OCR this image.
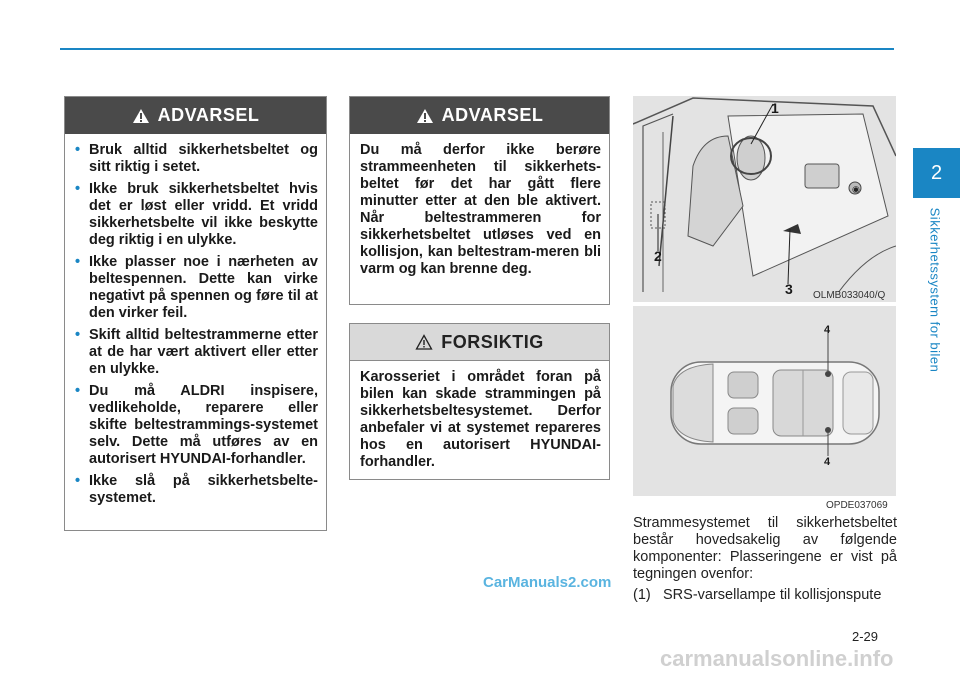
2
Sikkerhetssystem for bilen
ADVARSEL
• Bruk alltid sikkerhetsbeltet og sitt riktig i setet.
• Ikke bruk sikkerhetsbeltet hvis det er løst eller vridd. Et vridd sikkerhetsbelte vil ikke beskytte deg riktig i en ulykke.
• Ikke plasser noe i nærheten av beltespennen. Dette kan virke negativt på spennen og føre til at den virker feil.
• Skift alltid beltestrammerne etter at de har vært aktivert eller etter en ulykke.
• Du må ALDRI inspisere, vedlikeholde, reparere eller skifte beltestrammings-systemet selv. Dette må utføres av en autorisert HYUNDAI-forhandler.
• Ikke slå på sikkerhetsbelte-systemet.
ADVARSEL

Du må derfor ikke berøre strammeenheten til sikkerhets-beltet før det har gått flere minutter etter at den ble aktivert. Når beltestrammeren for sikkerhetsbeltet utløses ved en kollisjon, kan beltestram-meren bli varm og kan brenne deg.

FORSIKTIG

Karosseriet i området foran på bilen kan skade strammingen på sikkerhetsbeltesystemet. Derfor anbefaler vi at systemet repareres hos en autorisert HYUNDAI-forhandler.

◉
1
2
3 OLMB033040/Q
4
4
OPDE037069

Strammesystemet til sikkerhetsbeltet består hovedsakelig av følgende komponenter: Plasseringene er vist på tegningen ovenfor:

(1) SRS-varsellampe til kollisjonspute
CarManuals2.com
2-29
carmanualsonline.info
